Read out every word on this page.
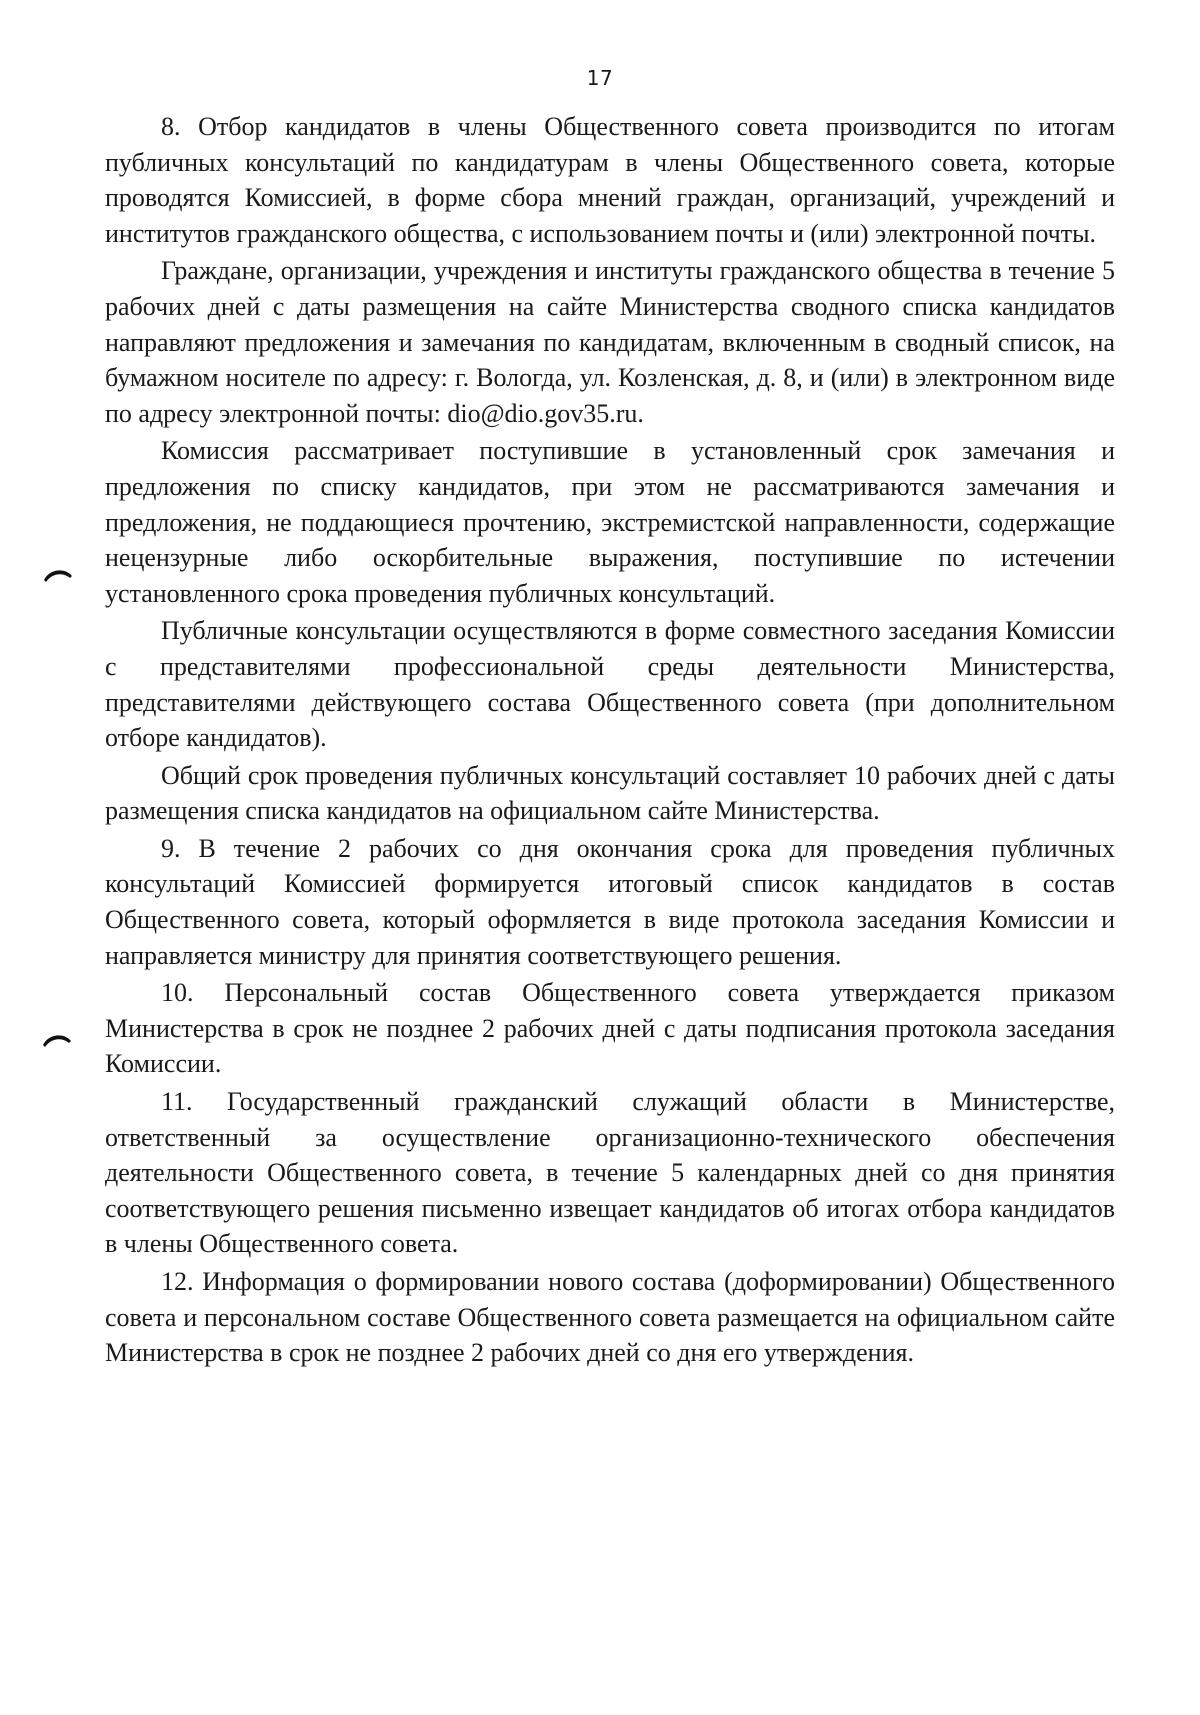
17

8. Отбор кандидатов в члены Общественного совета производится по итогам публичных консультаций по кандидатурам в члены Общественного совета, которые проводятся Комиссией, в форме сбора мнений граждан, организаций, учреждений и институтов гражданского общества, с использованием почты и (или) электронной почты.

Граждане, организации, учреждения и институты гражданского общества в течение 5 рабочих дней с даты размещения на сайте Министерства сводного списка кандидатов направляют предложения и замечания по кандидатам, включенным в сводный список, на бумажном носителе по адресу: г. Вологда, ул. Козленская, д. 8, и (или) в электронном виде по адресу электронной почты: dio@dio.gov35.ru.

Комиссия рассматривает поступившие в установленный срок замечания и предложения по списку кандидатов, при этом не рассматриваются замечания и предложения, не поддающиеся прочтению, экстремистской направленности, содержащие нецензурные либо оскорбительные выражения, поступившие по истечении установленного срока проведения публичных консультаций.

Публичные консультации осуществляются в форме совместного заседания Комиссии с представителями профессиональной среды деятельности Министерства, представителями действующего состава Общественного совета (при дополнительном отборе кандидатов).

Общий срок проведения публичных консультаций составляет 10 рабочих дней с даты размещения списка кандидатов на официальном сайте Министерства.

9. В течение 2 рабочих со дня окончания срока для проведения публичных консультаций Комиссией формируется итоговый список кандидатов в состав Общественного совета, который оформляется в виде протокола заседания Комиссии и направляется министру для принятия соответствующего решения.

10. Персональный состав Общественного совета утверждается приказом Министерства в срок не позднее 2 рабочих дней с даты подписания протокола заседания Комиссии.

11. Государственный гражданский служащий области в Министерстве, ответственный за осуществление организационно-технического обеспечения деятельности Общественного совета, в течение 5 календарных дней со дня принятия соответствующего решения письменно извещает кандидатов об итогах отбора кандидатов в члены Общественного совета.

12. Информация о формировании нового состава (доформировании) Общественного совета и персональном составе Общественного совета размещается на официальном сайте Министерства в срок не позднее 2 рабочих дней со дня его утверждения.
